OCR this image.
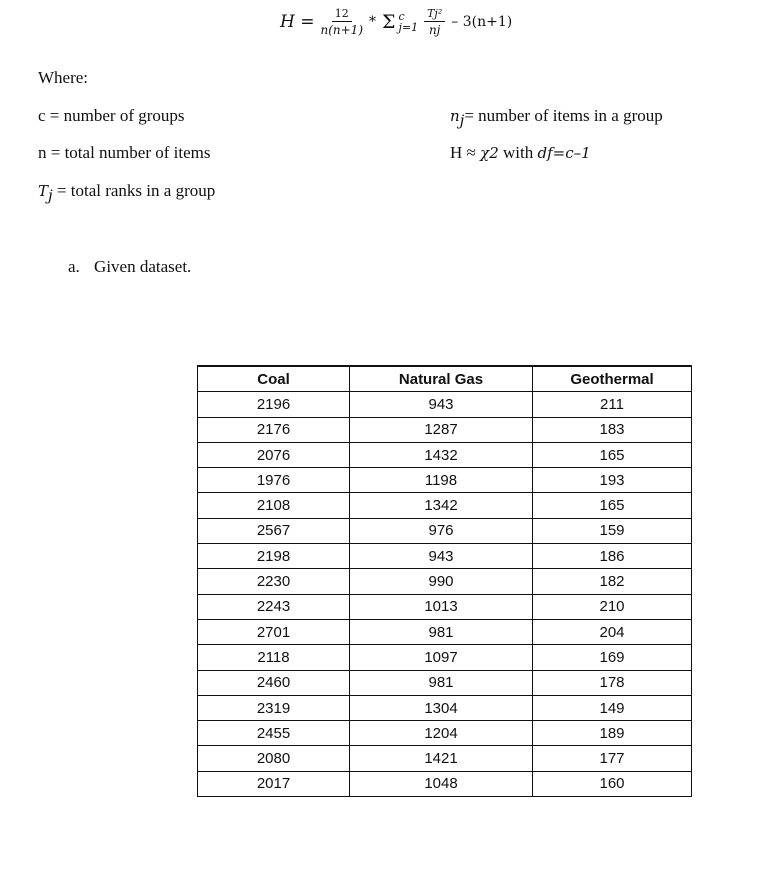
$H = \frac{12}{n(n+1)} * \Sigma$ c
$j=1 \frac{\text{Tj²}}{nj} - 3(n+1)$
Where:
c = number of groups
n = total number of items
$T_j$ = total ranks in a group
$n_j=$ number of items in a group
H ≈ χ2 with df=c–1
a. Given dataset.
Coal	Natural Gas	Geothermal
2196	943	211
2176	1287	183
2076	1432	165
1976	1198	193
2108	1342	165
2567	976	159
2198	943	186
2230	990	182
2243	1013	210
2701	981	204
2118	1097	169
2460	981	178
2319	1304	149
2455	1204	189
2080	1421	177
2017	1048	160
